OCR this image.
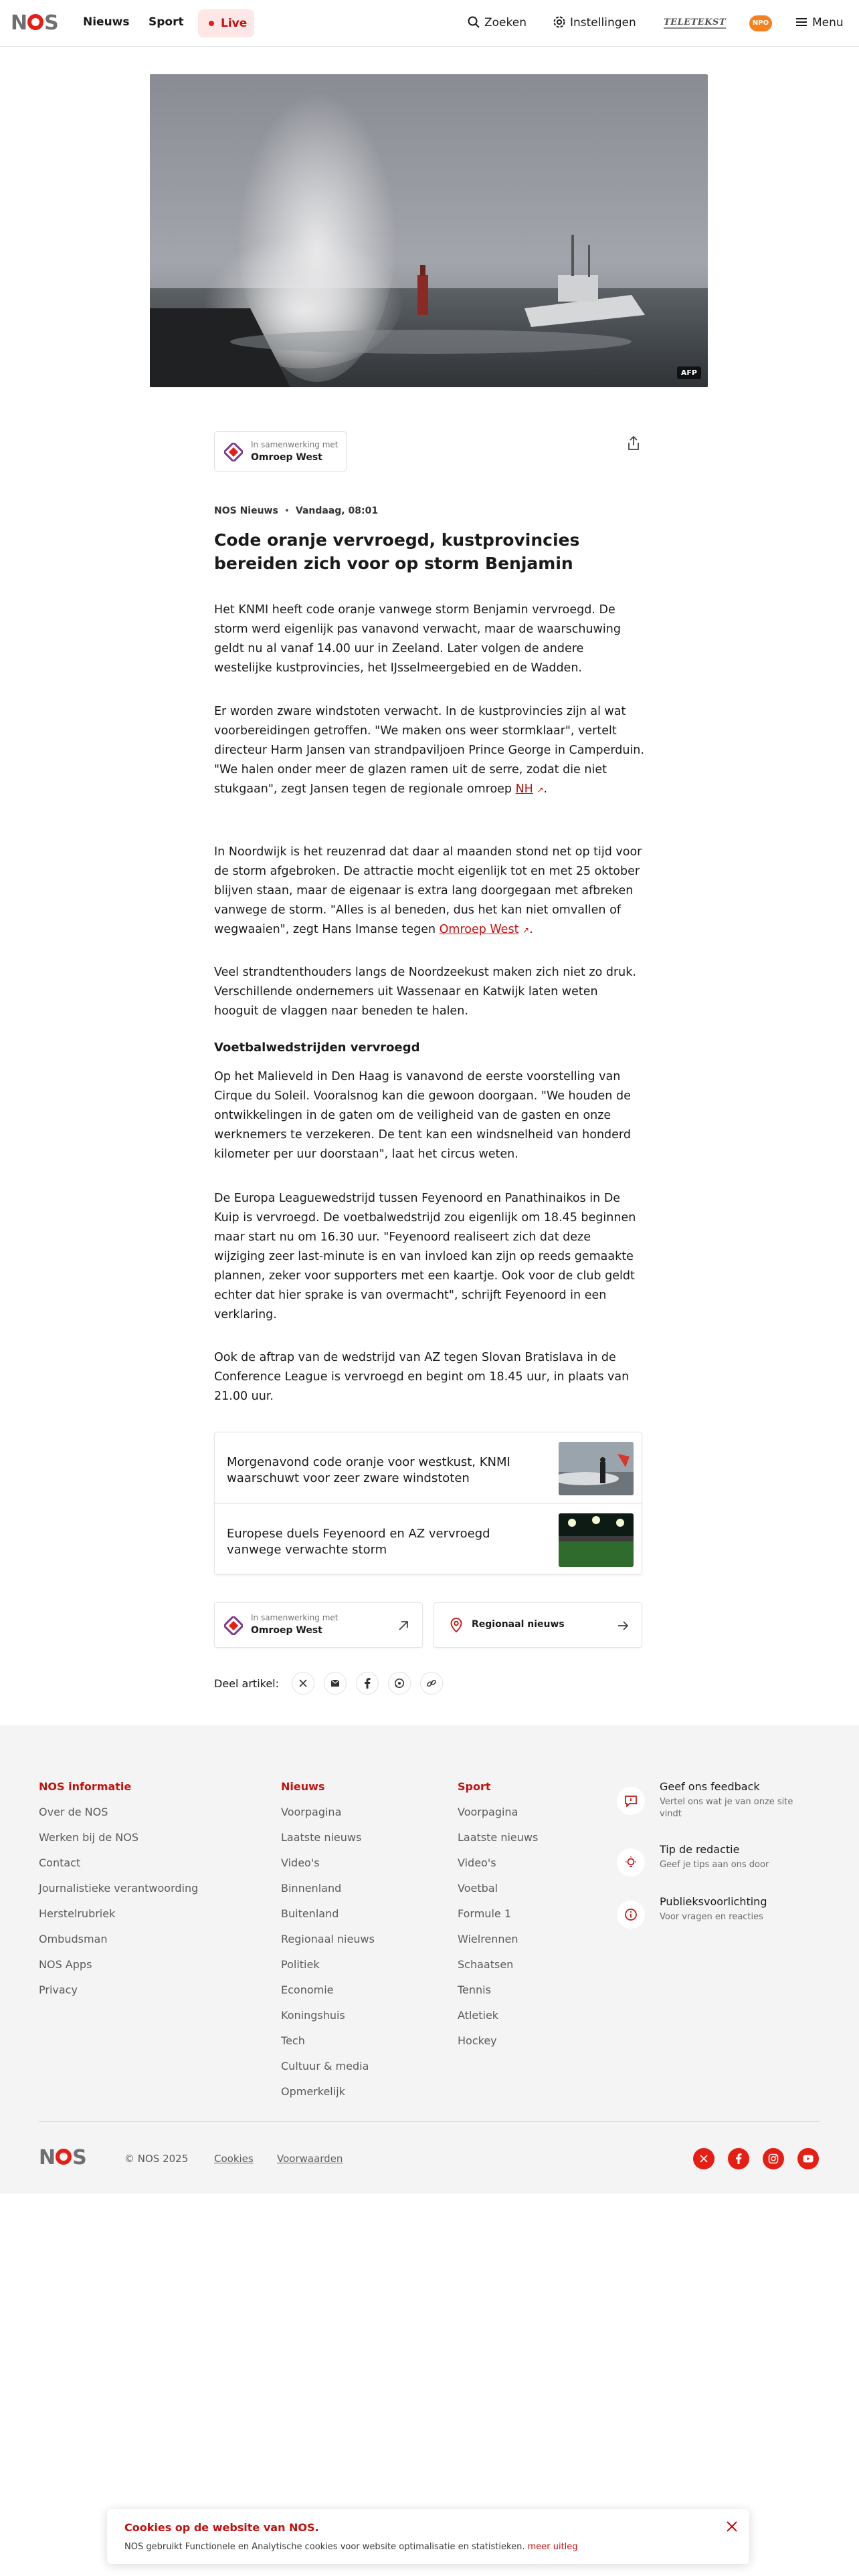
N S Nieuws Sport	Live	Zoeken	Instellingen	TELETEKST	NPO	Menu
AFP
In samenwerking met
Omroep West
NOS Nieuws  •  Vandaag, 08:01
Code oranje vervroegd, kustprovincies bereiden zich voor op storm Benjamin

Het KNMI heeft code oranje vanwege storm Benjamin vervroegd. De storm werd eigenlijk pas vanavond verwacht, maar de waarschuwing geldt nu al vanaf 14.00 uur in Zeeland. Later volgen de andere westelijke kustprovincies, het IJsselmeergebied en de Wadden.

Er worden zware windstoten verwacht. In de kustprovincies zijn al wat voorbereidingen getroffen. "We maken ons weer stormklaar", vertelt directeur Harm Jansen van strandpaviljoen Prince George in Camperduin. "We halen onder meer de glazen ramen uit de serre, zodat die niet stukgaan", zegt Jansen tegen de regionale omroep NH ↗.

In Noordwijk is het reuzenrad dat daar al maanden stond net op tijd voor de storm afgebroken. De attractie mocht eigenlijk tot en met 25 oktober blijven staan, maar de eigenaar is extra lang doorgegaan met afbreken vanwege de storm. "Alles is al beneden, dus het kan niet omvallen of wegwaaien", zegt Hans Imanse tegen Omroep West ↗.

Veel strandtenthouders langs de Noordzeekust maken zich niet zo druk. Verschillende ondernemers uit Wassenaar en Katwijk laten weten hooguit de vlaggen naar beneden te halen.

Voetbalwedstrijden vervroegd

Op het Malieveld in Den Haag is vanavond de eerste voorstelling van Cirque du Soleil. Vooralsnog kan die gewoon doorgaan. "We houden de ontwikkelingen in de gaten om de veiligheid van de gasten en onze werknemers te verzekeren. De tent kan een windsnelheid van honderd kilometer per uur doorstaan", laat het circus weten.

De Europa Leaguewedstrijd tussen Feyenoord en Panathinaikos in De Kuip is vervroegd. De voetbalwedstrijd zou eigenlijk om 18.45 beginnen maar start nu om 16.30 uur. "Feyenoord realiseert zich dat deze wijziging zeer last-minute is en van invloed kan zijn op reeds gemaakte plannen, zeker voor supporters met een kaartje. Ook voor de club geldt echter dat hier sprake is van overmacht", schrijft Feyenoord in een verklaring.

Ook de aftrap van de wedstrijd van AZ tegen Slovan Bratislava in de Conference League is vervroegd en begint om 18.45 uur, in plaats van 21.00 uur.

Morgenavond code oranje voor westkust, KNMI waarschuwt voor zeer zware windstoten
Europese duels Feyenoord en AZ vervroegd vanwege verwachte storm
In samenwerking met
Omroep West
Regionaal nieuws
Deel artikel:
NOS informatie
Over de NOS
Werken bij de NOS
Contact
Journalistieke verantwoording
Herstelrubriek
Ombudsman
NOS Apps
Privacy
Nieuws
Voorpagina
Laatste nieuws
Video's
Binnenland
Buitenland
Regionaal nieuws
Politiek
Economie
Koningshuis
Tech
Cultuur & media
Opmerkelijk
Sport
Voorpagina
Laatste nieuws
Video's
Voetbal
Formule 1
Wielrennen
Schaatsen
Tennis
Atletiek
Hockey
Geef ons feedback
Vertel ons wat je van onze site vindt
Tip de redactie
Geef je tips aan ons door
Publieksvoorlichting
Voor vragen en reacties
N S	© NOS 2025	Cookies Voorwaarden
Cookies op de website van NOS.
NOS gebruikt Functionele en Analytische cookies voor website optimalisatie en statistieken. meer uitleg
